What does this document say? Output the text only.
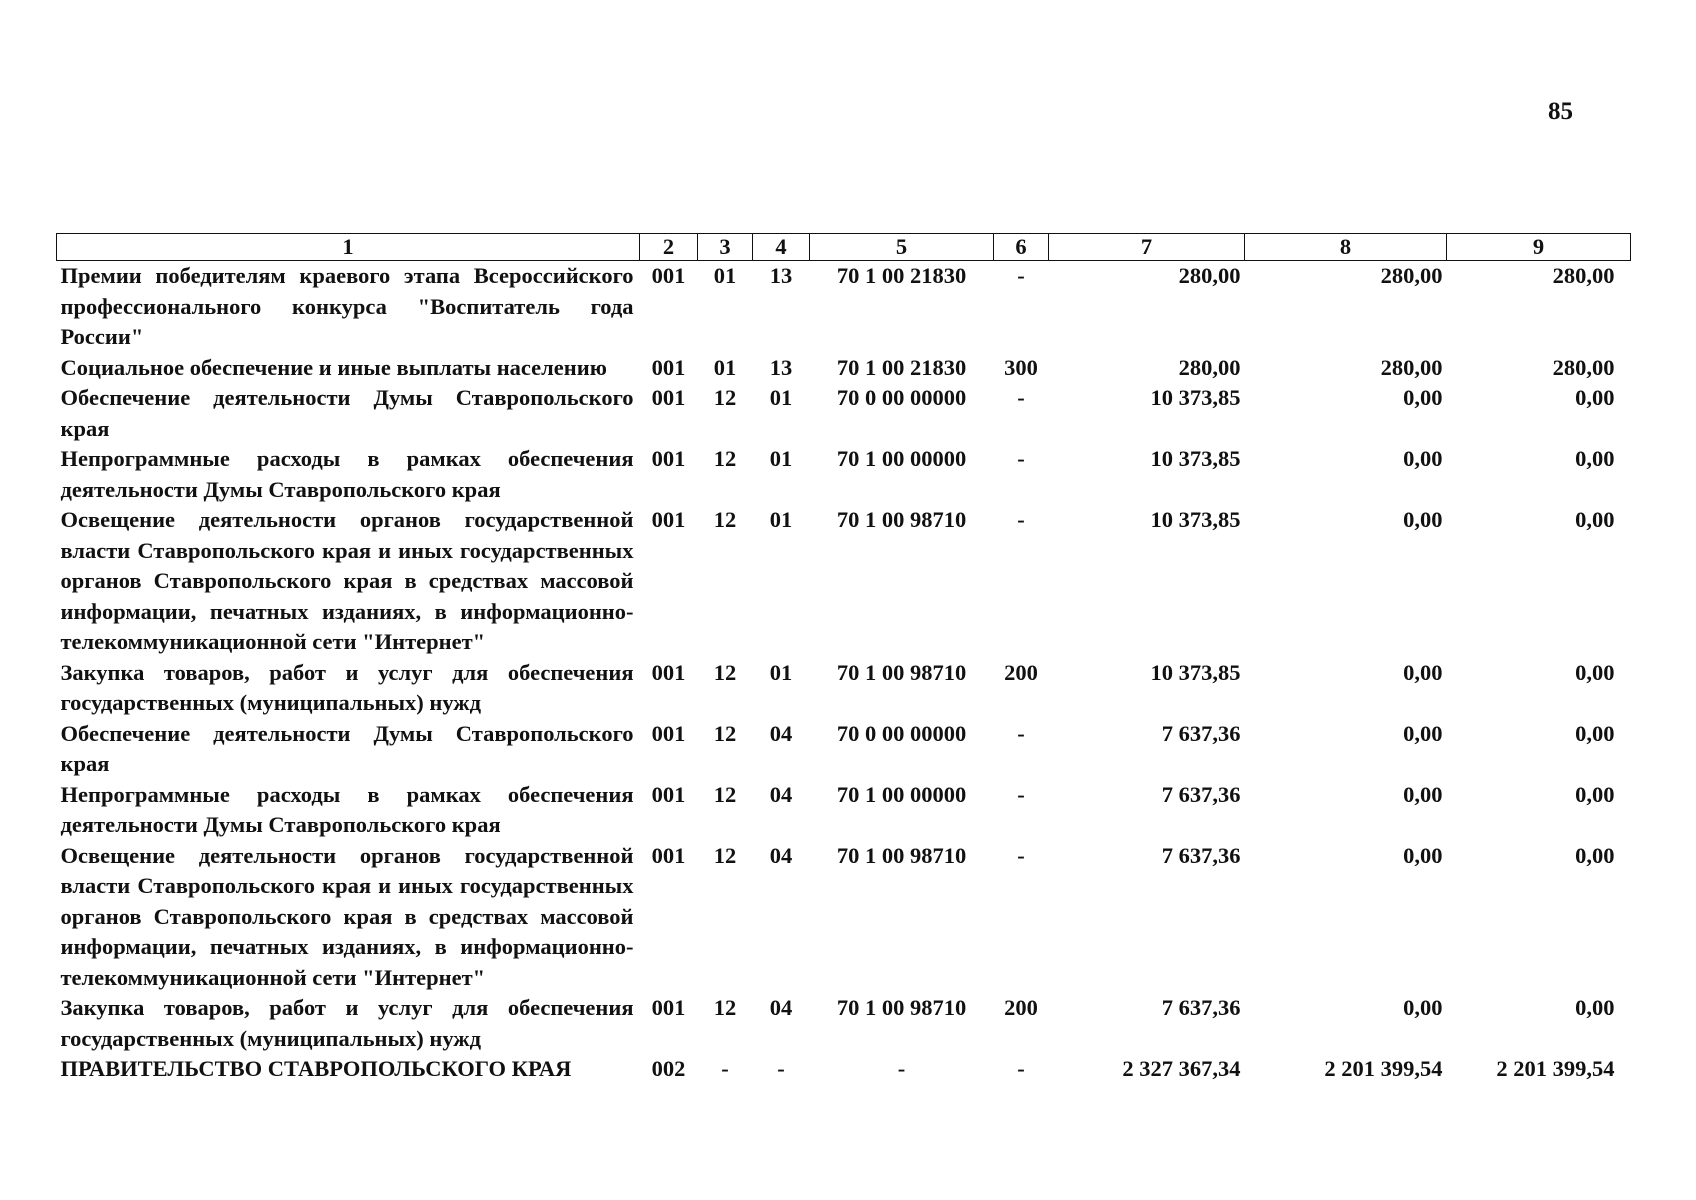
85
1	2	3	4	5	6	7	8	9
Премии победителям краевого этапа Всероссийского профессионального конкурса "Воспитатель года России"	001	01	13	70 1 00 21830	-	280,00	280,00	280,00
Социальное обеспечение и иные выплаты населению	001	01	13	70 1 00 21830	300	280,00	280,00	280,00
Обеспечение деятельности Думы Ставропольского края	001	12	01	70 0 00 00000	-	10 373,85	0,00	0,00
Непрограммные расходы в рамках обеспечения деятельности Думы Ставропольского края	001	12	01	70 1 00 00000	-	10 373,85	0,00	0,00
Освещение деятельности органов государственной власти Ставропольского края и иных государственных органов Ставропольского края в средствах массовой информации, печатных изданиях, в информационно-телекоммуникационной сети "Интернет"	001	12	01	70 1 00 98710	-	10 373,85	0,00	0,00
Закупка товаров, работ и услуг для обеспечения государственных (муниципальных) нужд	001	12	01	70 1 00 98710	200	10 373,85	0,00	0,00
Обеспечение деятельности Думы Ставропольского края	001	12	04	70 0 00 00000	-	7 637,36	0,00	0,00
Непрограммные расходы в рамках обеспечения деятельности Думы Ставропольского края	001	12	04	70 1 00 00000	-	7 637,36	0,00	0,00
Освещение деятельности органов государственной власти Ставропольского края и иных государственных органов Ставропольского края в средствах массовой информации, печатных изданиях, в информационно-телекоммуникационной сети "Интернет"	001	12	04	70 1 00 98710	-	7 637,36	0,00	0,00
Закупка товаров, работ и услуг для обеспечения государственных (муниципальных) нужд	001	12	04	70 1 00 98710	200	7 637,36	0,00	0,00
ПРАВИТЕЛЬСТВО СТАВРОПОЛЬСКОГО КРАЯ	002	-	-	-	-	2 327 367,34	2 201 399,54	2 201 399,54
